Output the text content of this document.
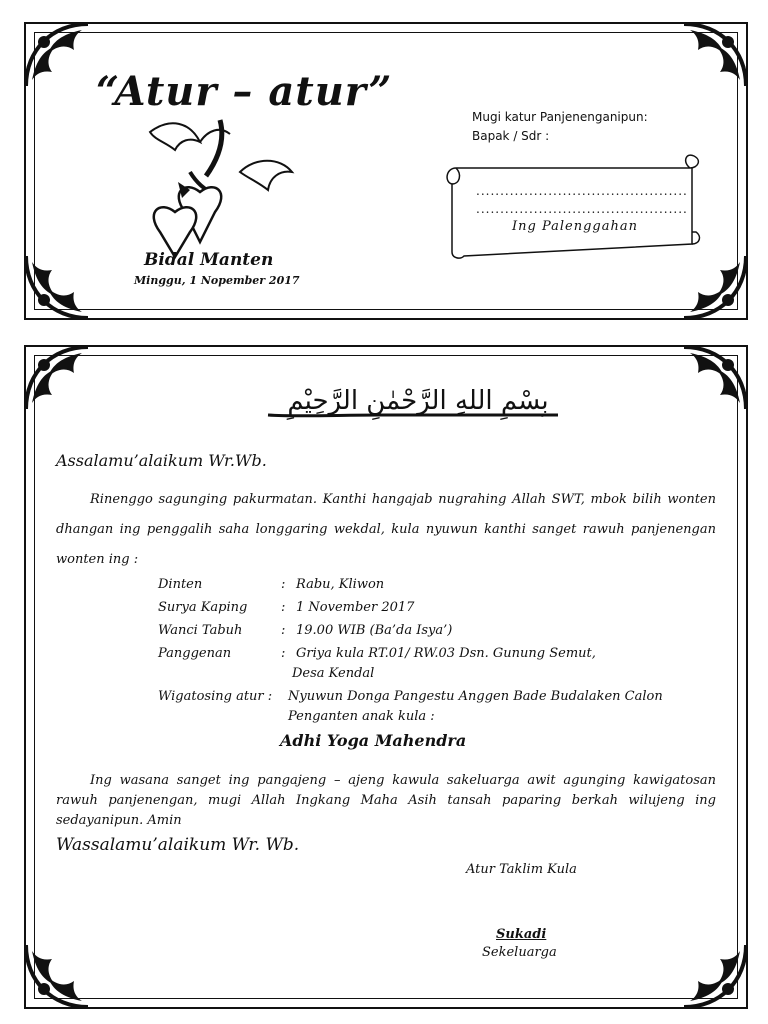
“Atur – atur”
Bidal Manten
Minggu, 1 Nopember 2017
Mugi katur Panjenenganipun:
Bapak / Sdr :
............................................
............................................
Ing Palenggahan
بِسْمِ اللهِ الرَّحْمٰنِ الرَّحِيْمِ
Assalamu’alaikum Wr.Wb.
Rinenggo sagunging pakurmatan. Kanthi hangajab nugrahing Allah SWT, mbok bilih wonten dhangan ing penggalih saha longgaring wekdal, kula nyuwun kanthi sanget rawuh panjenengan wonten ing :
Dinten	: Rabu, Kliwon
Surya Kaping	: 1 November 2017
Wanci Tabuh	: 19.00 WIB (Ba’da Isya’)
Panggenan	: Griya kula RT.01/ RW.03 Dsn. Gunung Semut,
Desa Kendal
Wigatosing atur : Nyuwun Donga Pangestu Anggen Bade Budalaken Calon
Penganten anak kula :
Adhi Yoga Mahendra
Ing wasana sanget ing pangajeng – ajeng kawula sakeluarga awit agunging kawigatosan rawuh panjenengan, mugi Allah Ingkang Maha Asih tansah paparing berkah wilujeng ing sedayanipun. Amin
Wassalamu’alaikum Wr. Wb.
Atur Taklim Kula
Sukadi
Sekeluarga
